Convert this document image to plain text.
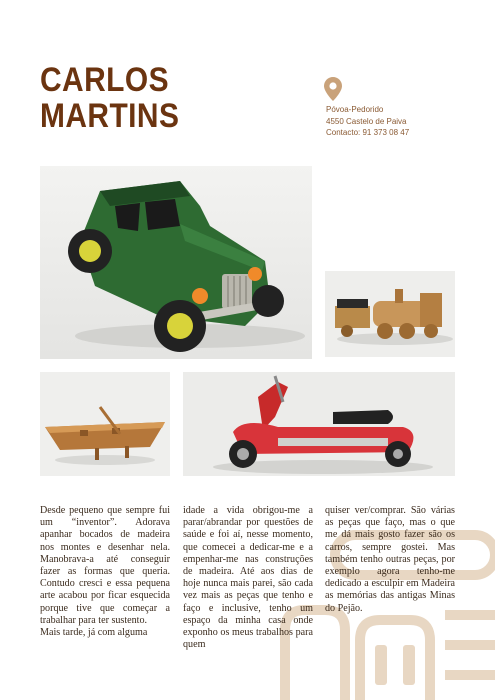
CARLOS
MARTINS	Póvoa-Pedorido
4550 Castelo de Paiva
Contacto: 91 373 08 47

Desde pequeno que sempre fui um “inventor”. Adorava apanhar bocados de madeira nos montes e desenhar nela. Manobrava-a até conseguir fazer as formas que queria. Contudo cresci e essa pequena arte acabou por ficar esquecida porque tive que começar a trabalhar para ter sustento.

Mais tarde, já com alguma

idade a vida obrigou-me a parar/abrandar por questões de saúde e foi aí, nesse momento, que comecei a dedicar-me e a empenhar-me nas construções de madeira. Até aos dias de hoje nunca mais parei, são cada vez mais as peças que tenho e faço e inclusive, tenho um espaço da minha casa onde exponho os meus trabalhos para quem

quiser ver/comprar. São várias as peças que faço, mas o que me dá mais gosto fazer são os carros, sempre gostei. Mas também tenho outras peças, por exemplo agora tenho-me dedicado a esculpir em Madeira as memórias das antigas Minas do Pejão.
